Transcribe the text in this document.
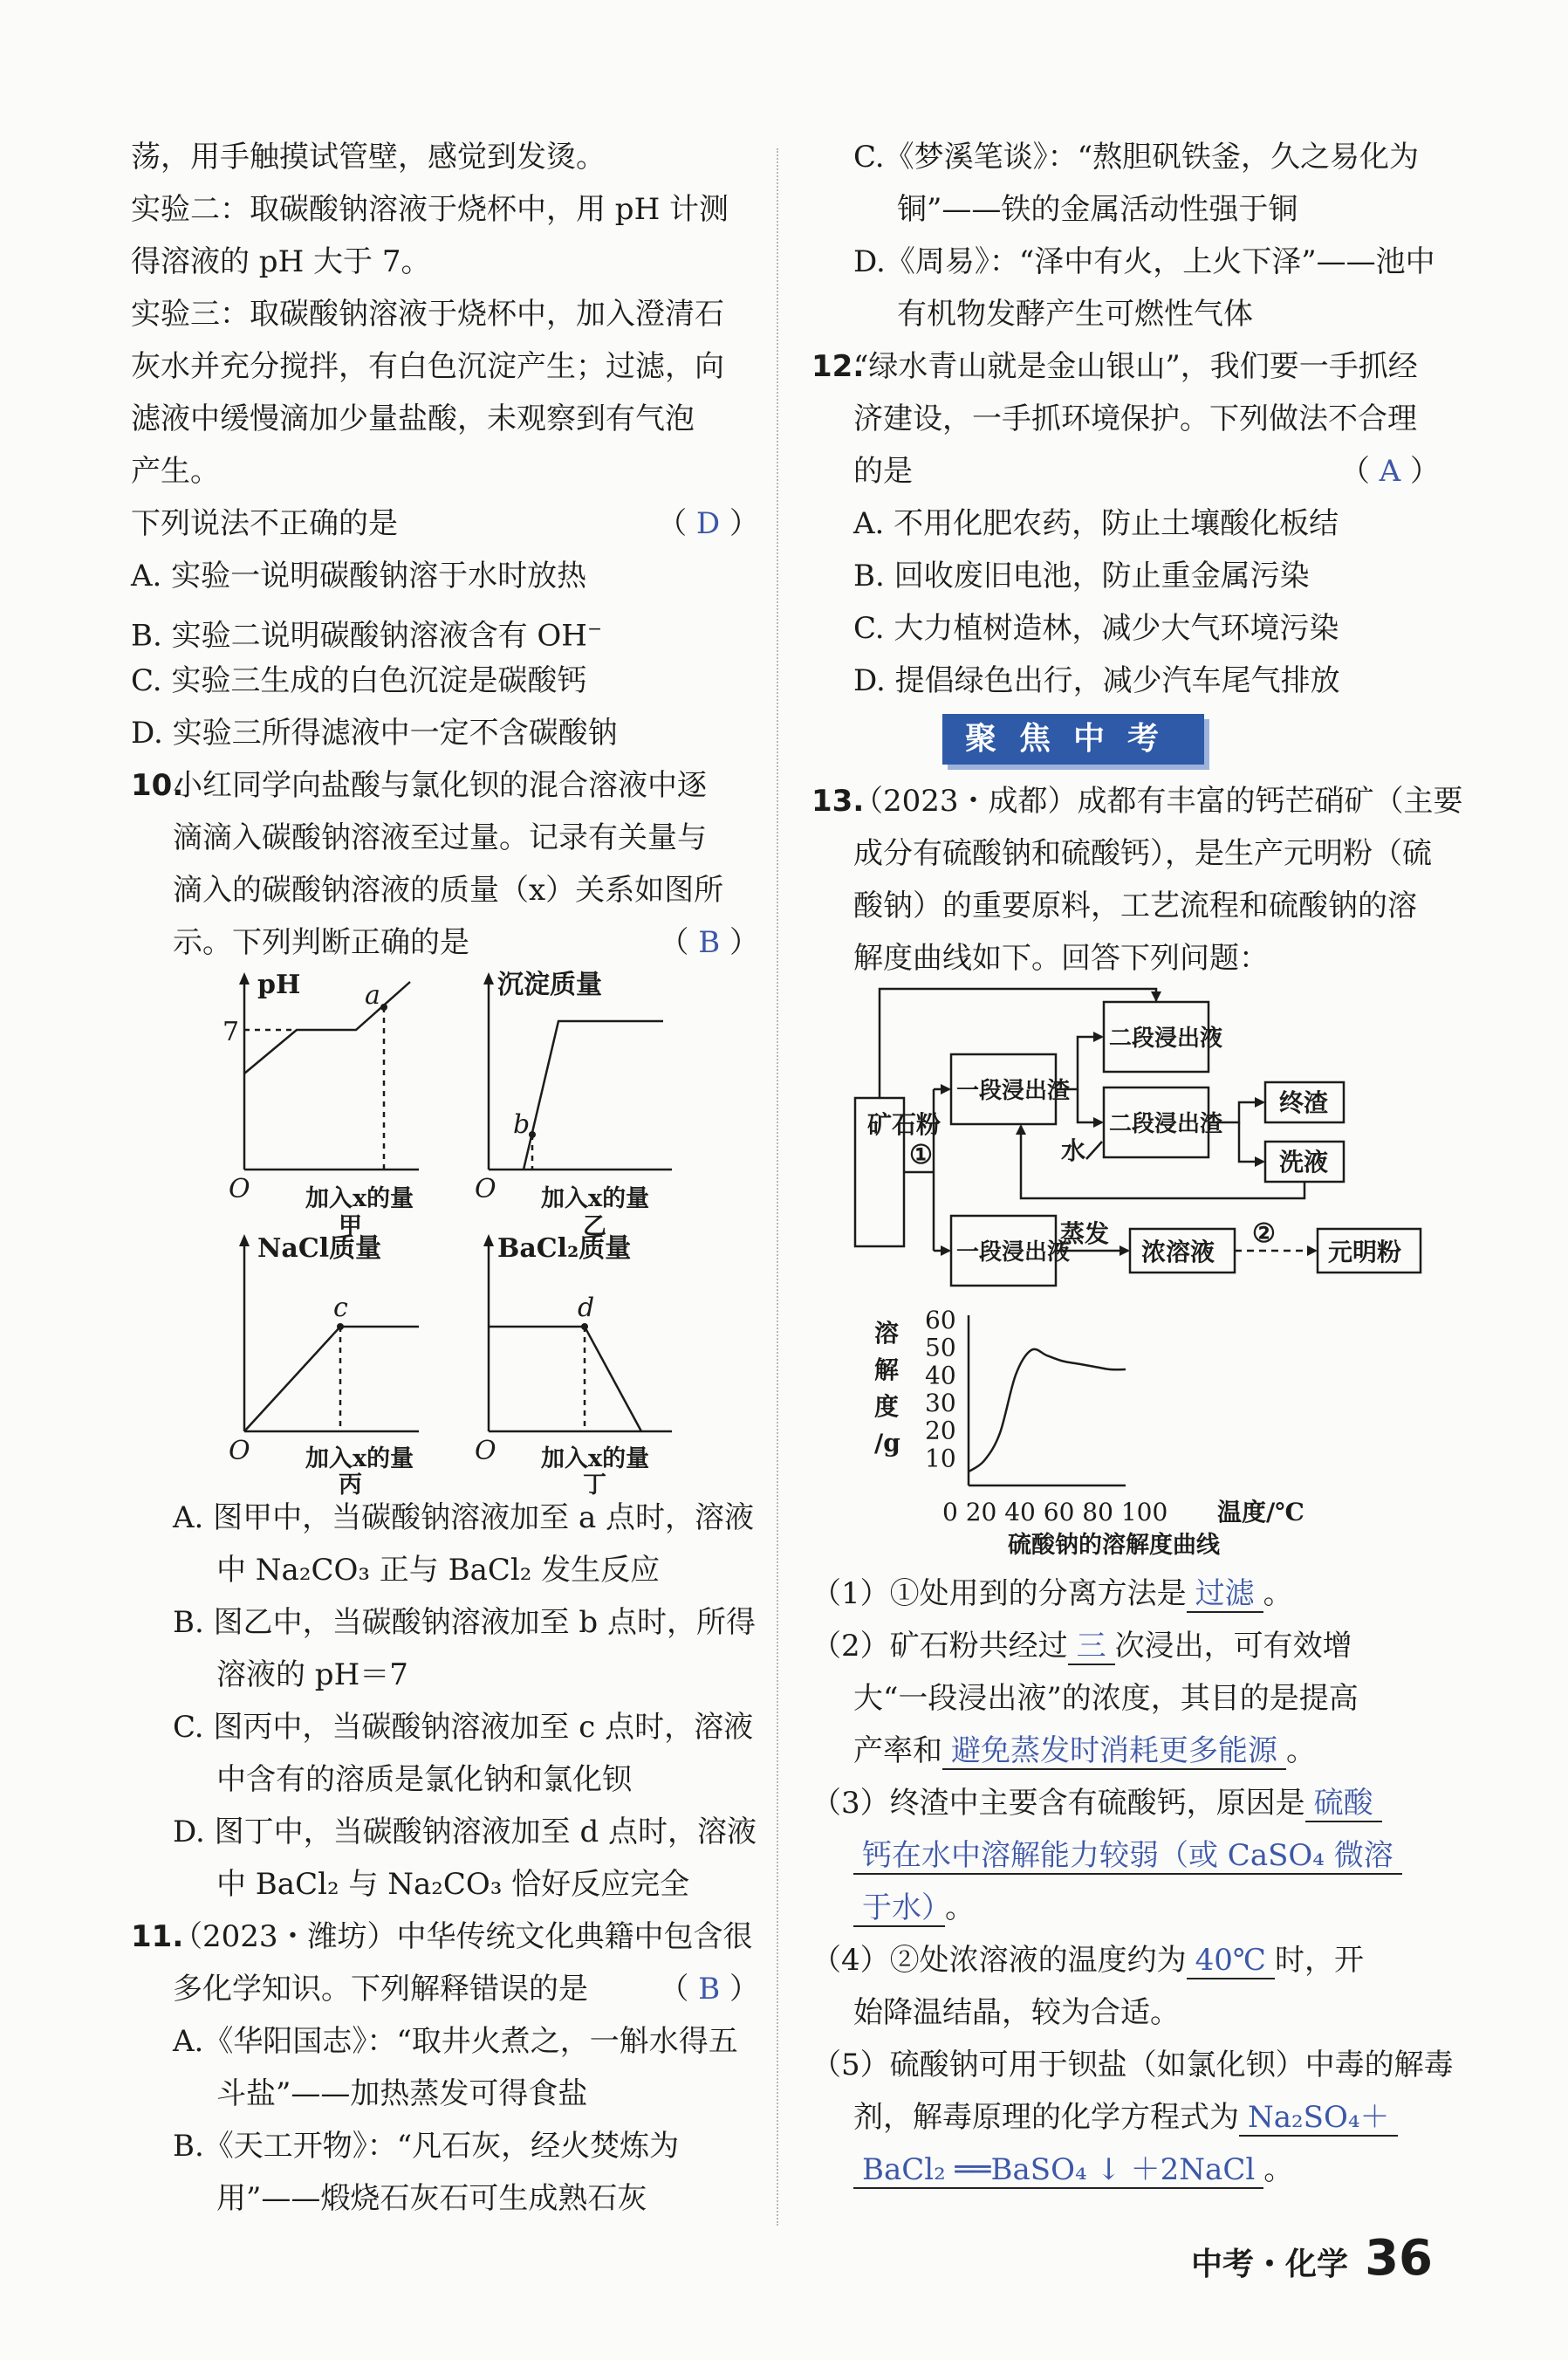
荡，用手触摸试管壁，感觉到发烫。
实验二：取碳酸钠溶液于烧杯中，用 pH 计测
得溶液的 pH 大于 7。
实验三：取碳酸钠溶液于烧杯中，加入澄清石
灰水并充分搅拌，有白色沉淀产生；过滤，向
滤液中缓慢滴加少量盐酸，未观察到有气泡
产生。
下列说法不正确的是	（ D ）
A. 实验一说明碳酸钠溶于水时放热
B. 实验二说明碳酸钠溶液含有 OH−
C. 实验三生成的白色沉淀是碳酸钙
D. 实验三所得滤液中一定不含碳酸钠
10.小红同学向盐酸与氯化钡的混合溶液中逐
滴滴入碳酸钠溶液至过量。记录有关量与
滴入的碳酸钠溶液的质量（x）关系如图所
示。下列判断正确的是	（ B ）
pH
7
a
O 加入x的量
甲
沉淀质量
b
O 加入x的量
乙
NaCl质量
c
O 加入x的量
丙
BaCl₂质量
d
O 加入x的量
丁
A. 图甲中，当碳酸钠溶液加至 a 点时，溶液
中 Na₂CO₃ 正与 BaCl₂ 发生反应
B. 图乙中，当碳酸钠溶液加至 b 点时，所得
溶液的 pH＝7
C. 图丙中，当碳酸钠溶液加至 c 点时，溶液
中含有的溶质是氯化钠和氯化钡
D. 图丁中，当碳酸钠溶液加至 d 点时，溶液
中 BaCl₂ 与 Na₂CO₃ 恰好反应完全
11.（2023・潍坊）中华传统文化典籍中包含很
多化学知识。下列解释错误的是 （ B ）
A.《华阳国志》：“取井火煮之，一斛水得五
斗盐”——加热蒸发可得食盐
B.《天工开物》：“凡石灰，经火焚炼为
用”——煅烧石灰石可生成熟石灰
C.《梦溪笔谈》：“熬胆矾铁釜，久之易化为
铜”——铁的金属活动性强于铜
D.《周易》：“泽中有火，上火下泽”——池中
有机物发酵产生可燃性气体
12.“绿水青山就是金山银山”，我们要一手抓经
济建设，一手抓环境保护。下列做法不合理
的是	（ A ）
A. 不用化肥农药，防止土壤酸化板结
B. 回收废旧电池，防止重金属污染
C. 大力植树造林，减少大气环境污染
D. 提倡绿色出行，减少汽车尾气排放
聚焦中考
13.（2023・成都）成都有丰富的钙芒硝矿（主要
成分有硫酸钠和硫酸钙），是生产元明粉（硫
酸钠）的重要原料，工艺流程和硫酸钠的溶
解度曲线如下。回答下列问题：
矿石粉
①
一段浸出渣
一段浸出液
二段浸出液
二段浸出渣
终渣
洗液
水
蒸发
浓溶液
②
元明粉

溶
解
度
/g
60
50
40
30
20
10
0 20 40 60 80 100 温度/℃
硫酸钠的溶解度曲线
（1）①处用到的分离方法是 过滤 。
（2）矿石粉共经过 三 次浸出，可有效增
大“一段浸出液”的浓度，其目的是提高
产率和 避免蒸发时消耗更多能源 。
（3）终渣中主要含有硫酸钙，原因是 硫酸
钙在水中溶解能力较弱（或 CaSO₄ 微溶
于水） 。
（4）②处浓溶液的温度约为 40℃ 时，开
始降温结晶，较为合适。
（5）硫酸钠可用于钡盐（如氯化钡）中毒的解毒
剂，解毒原理的化学方程式为 Na₂SO₄＋
BaCl₂ ══BaSO₄ ↓ ＋2NaCl 。
中考・化学 36
